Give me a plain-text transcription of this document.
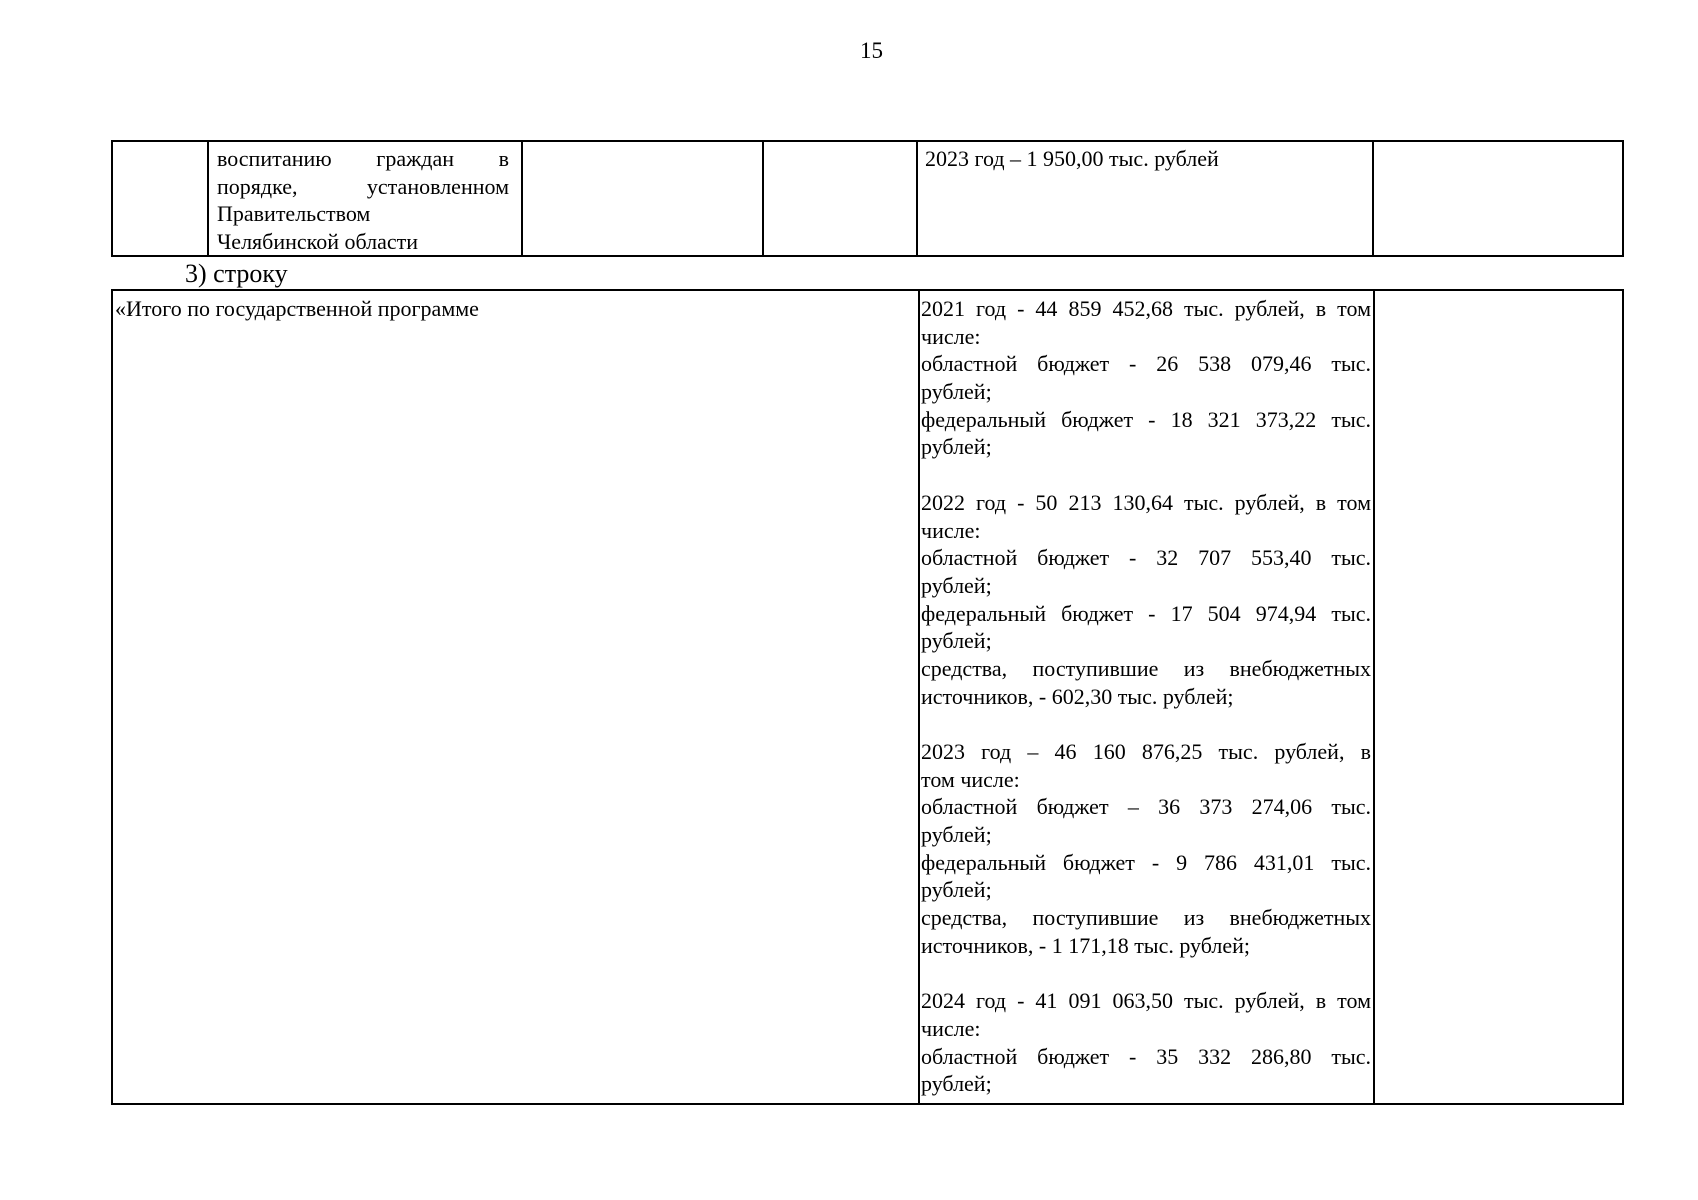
15
воспитанию граждан в
порядке, установленном
Правительством
Челябинской области
2023 год – 1 950,00 тыс. рублей
3) строку
«Итого по государственной программе	2021 год - 44 859 452,68 тыс. рублей, в том
числе:
областной бюджет - 26 538 079,46 тыс.
рублей;
федеральный бюджет - 18 321 373,22 тыс.
рублей;
2022 год - 50 213 130,64 тыс. рублей, в том
числе:
областной бюджет - 32 707 553,40 тыс.
рублей;
федеральный бюджет - 17 504 974,94 тыс.
рублей;
средства, поступившие из внебюджетных
источников, - 602,30 тыс. рублей;
2023 год – 46 160 876,25 тыс. рублей, в
том числе:
областной бюджет – 36 373 274,06 тыс.
рублей;
федеральный бюджет - 9 786 431,01 тыс.
рублей;
средства, поступившие из внебюджетных
источников, - 1 171,18 тыс. рублей;
2024 год - 41 091 063,50 тыс. рублей, в том
числе:
областной бюджет - 35 332 286,80 тыс.
рублей;
